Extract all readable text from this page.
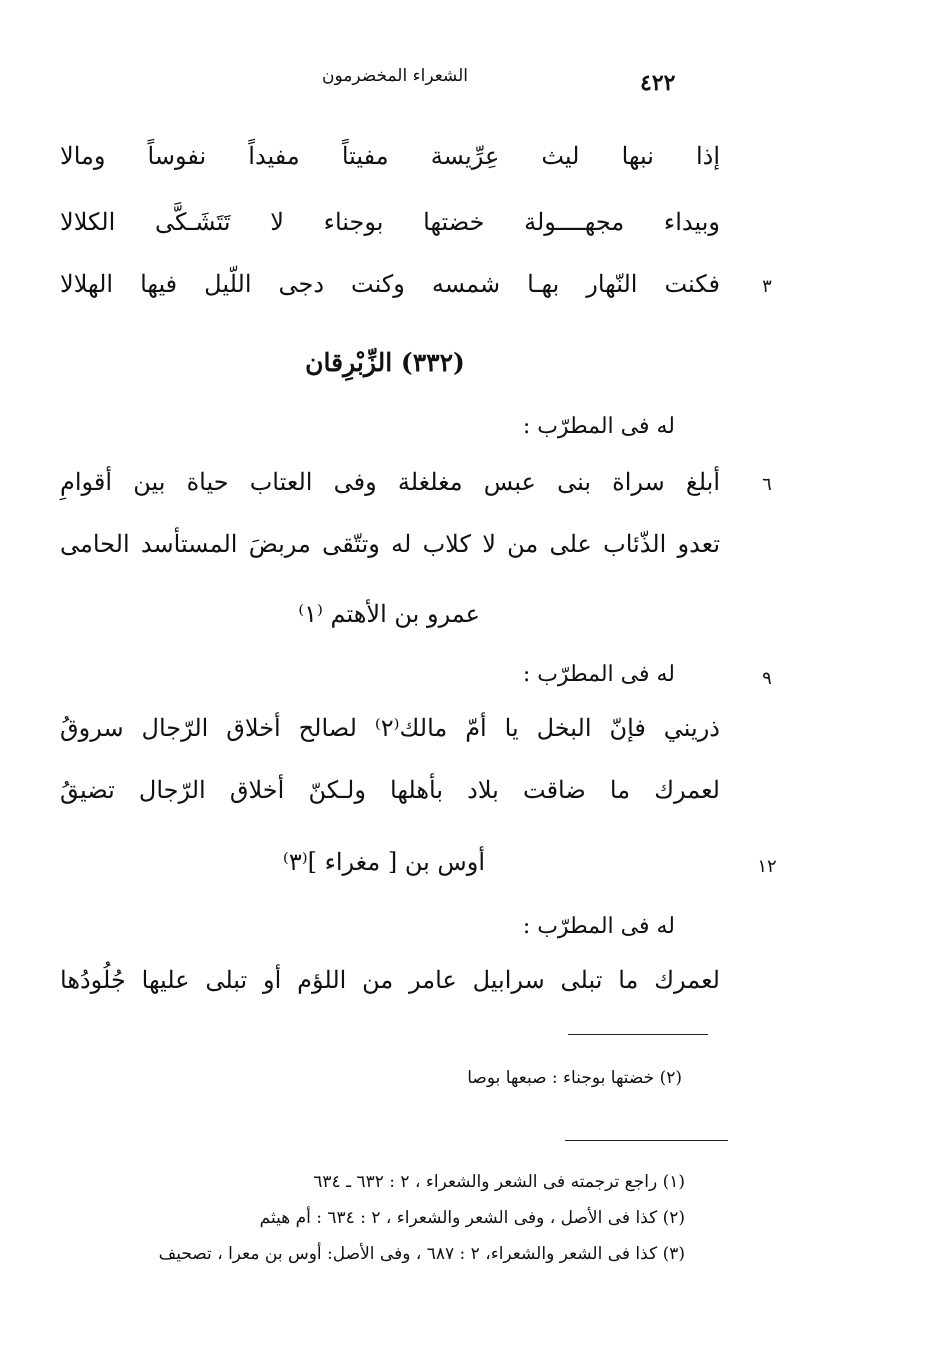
الشعراء المخضرمون	٤٢٢
إذا نبها ليث عِرِّيسة مفيتاً مفيداً نفوساً ومالا
وبيداء مجهــــولة خضتها بوجناء لا تَتَشَـكَّى الكلالا
فكنت النّهار بهـا شمسه وكنت دجى اللّيل فيها الهلالا	٣
(٣٣٢) الزِّبْرِقان
له فى المطرّب :
أبلغ سراة بنى عبس مغلغلة وفى العتاب حياة بين أقوامِ	٦
تعدو الذّئاب على من لا كلاب له وتتّقى مربضَ المستأسد الحامى
عمرو بن الأهتم ⁽١⁾
له فى المطرّب :	٩
ذريني فإنّ البخل يا أمّ مالك⁽٢⁾ لصالح أخلاق الرّجال سروقُ
لعمرك ما ضاقت بلاد بأهلها ولـكنّ أخلاق الرّجال تضيقُ
أوس بن [ مغراء ]⁽٣⁾	١٢
له فى المطرّب :
لعمرك ما تبلى سرابيل عامر من اللؤم أو تبلى عليها جُلُودُها
(٢) خضتها بوجناء : صبعها بوصا
(١) راجع ترجمته فى الشعر والشعراء ، ٢ : ٦٣٢ ـ ٦٣٤
(٢) كذا فى الأصل ، وفى الشعر والشعراء ، ٢ : ٦٣٤ : أم هيثم
(٣) كذا فى الشعر والشعراء، ٢ : ٦٨٧ ، وفى الأصل: أوس بن معرا ، تصحيف
